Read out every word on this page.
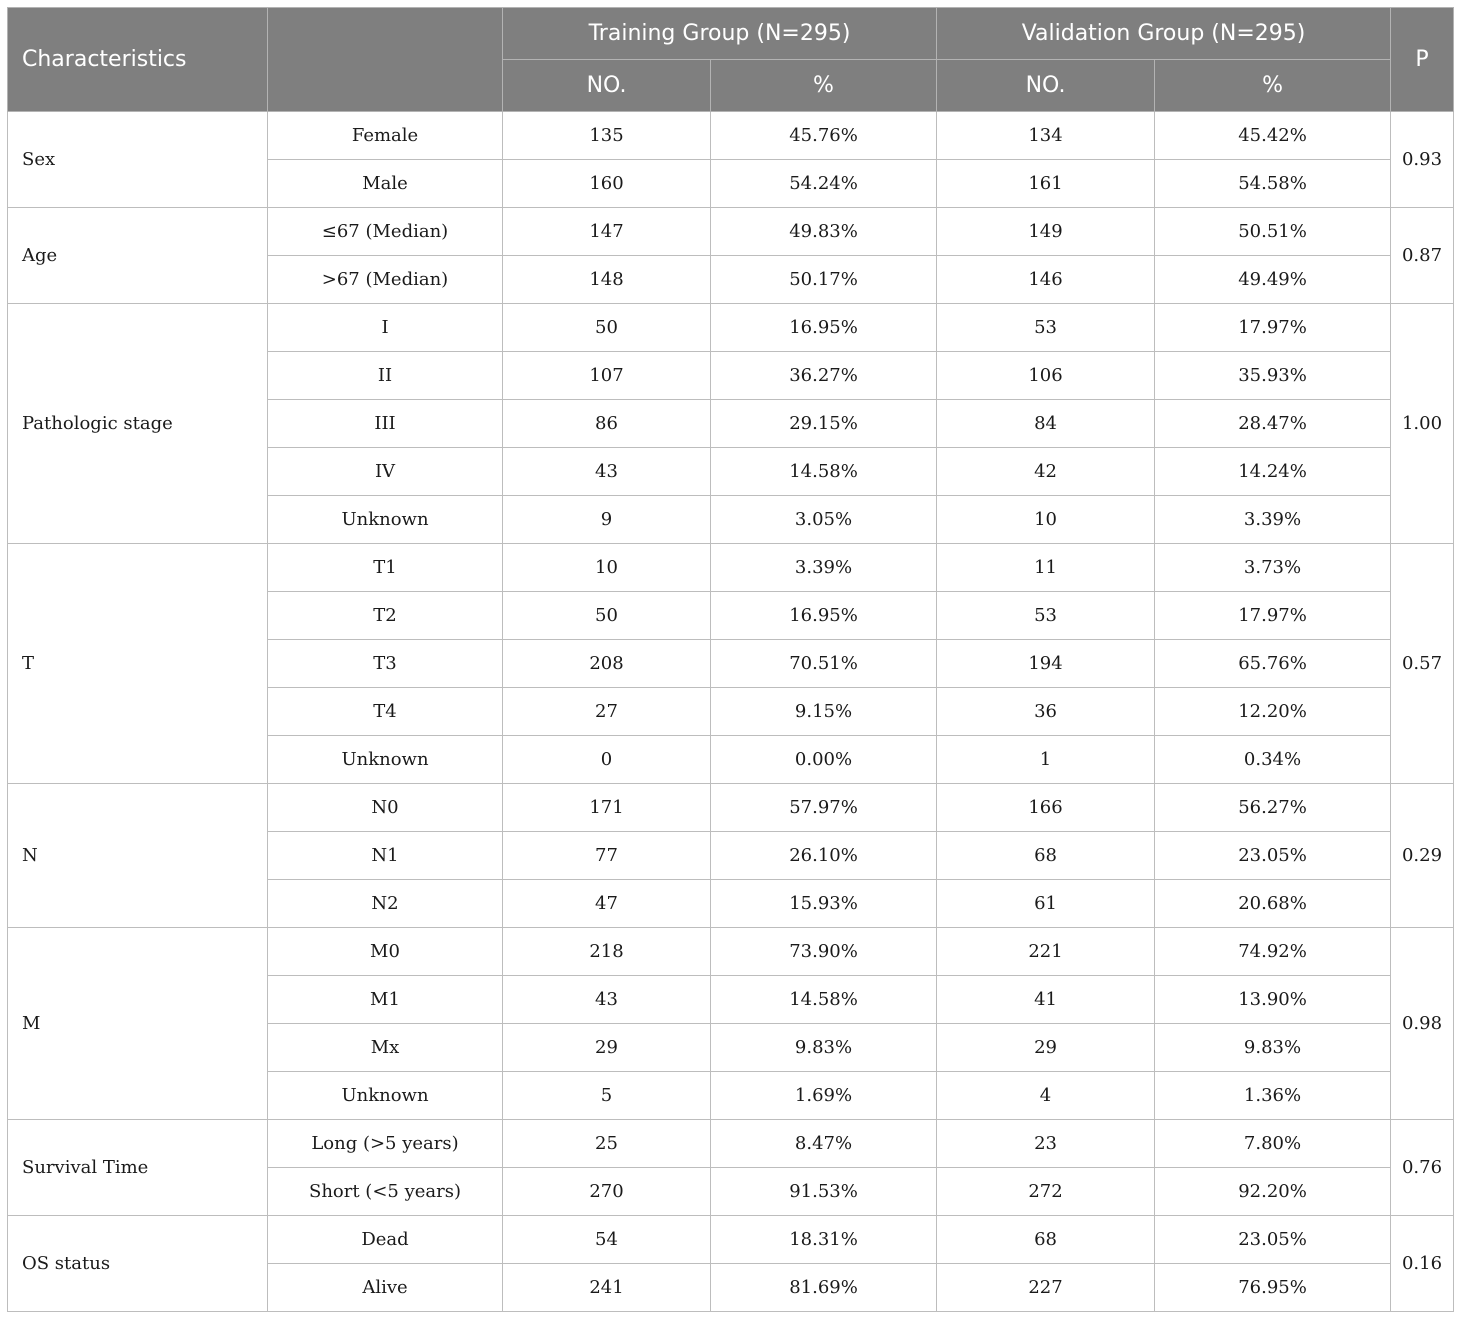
Characteristics		Training Group (N=295)		Validation Group (N=295)		P
		NO.	%	NO.	%	
Sex	Female	135	45.76%	134	45.42%	0.93
	Male	160	54.24%	161	54.58%	
Age	≤67 (Median)	147	49.83%	149	50.51%	0.87
	>67 (Median)	148	50.17%	146	49.49%	
Pathologic stage	I	50	16.95%	53	17.97%	1.00
	II	107	36.27%	106	35.93%	
	III	86	29.15%	84	28.47%	
	IV	43	14.58%	42	14.24%	
	Unknown	9	3.05%	10	3.39%	
T	T1	10	3.39%	11	3.73%	0.57
	T2	50	16.95%	53	17.97%	
	T3	208	70.51%	194	65.76%	
	T4	27	9.15%	36	12.20%	
	Unknown	0	0.00%	1	0.34%	
N	N0	171	57.97%	166	56.27%	0.29
	N1	77	26.10%	68	23.05%	
	N2	47	15.93%	61	20.68%	
M	M0	218	73.90%	221	74.92%	0.98
	M1	43	14.58%	41	13.90%	
	Mx	29	9.83%	29	9.83%	
	Unknown	5	1.69%	4	1.36%	
Survival Time	Long (>5 years)	25	8.47%	23	7.80%	0.76
	Short (<5 years)	270	91.53%	272	92.20%	
OS status	Dead	54	18.31%	68	23.05%	0.16
	Alive	241	81.69%	227	76.95%	
